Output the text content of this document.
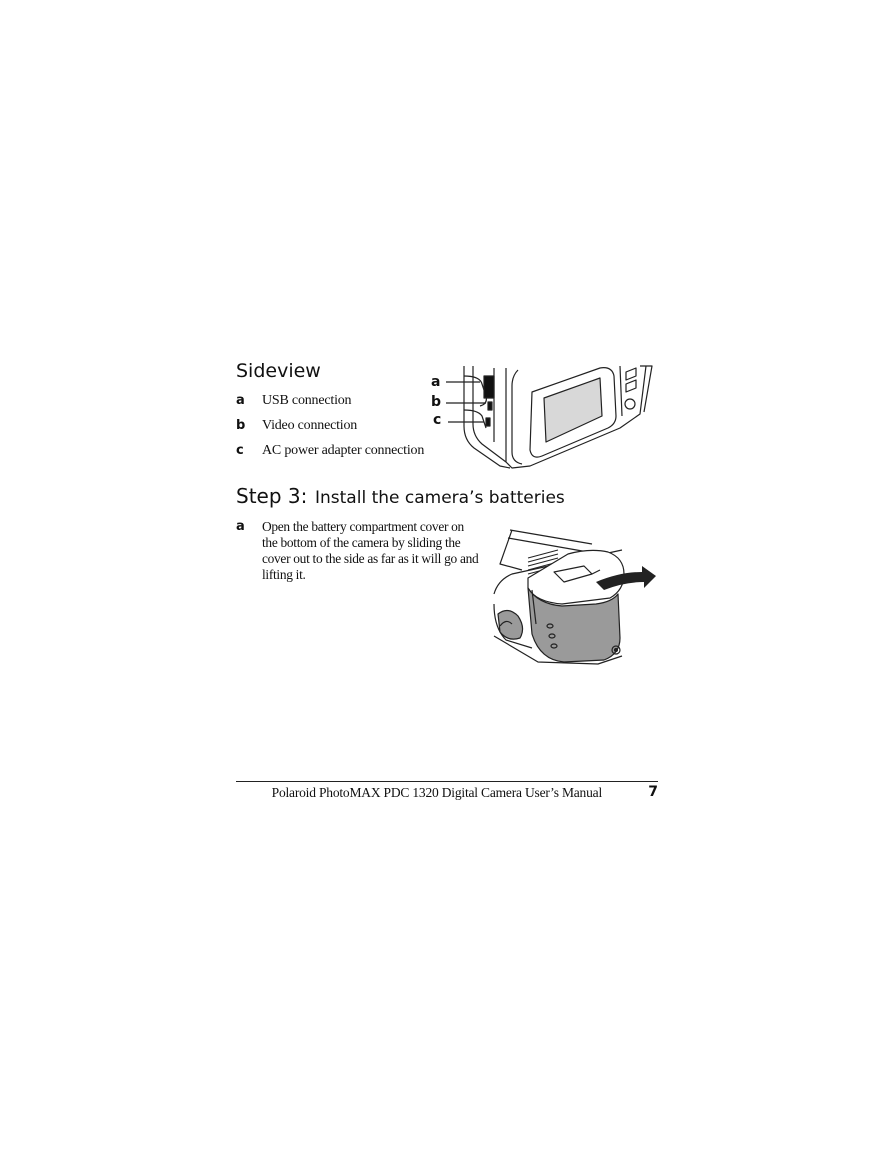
Sideview
a	USB connection
b	Video connection
c	AC power adapter connection
a
b
c
Step 3: Install the camera’s batteries
a Open the battery compartment cover on
the bottom of the camera by sliding the
cover out to the side as far as it will go and
lifting it.
Polaroid PhotoMAX PDC 1320 Digital Camera User’s Manual	7
